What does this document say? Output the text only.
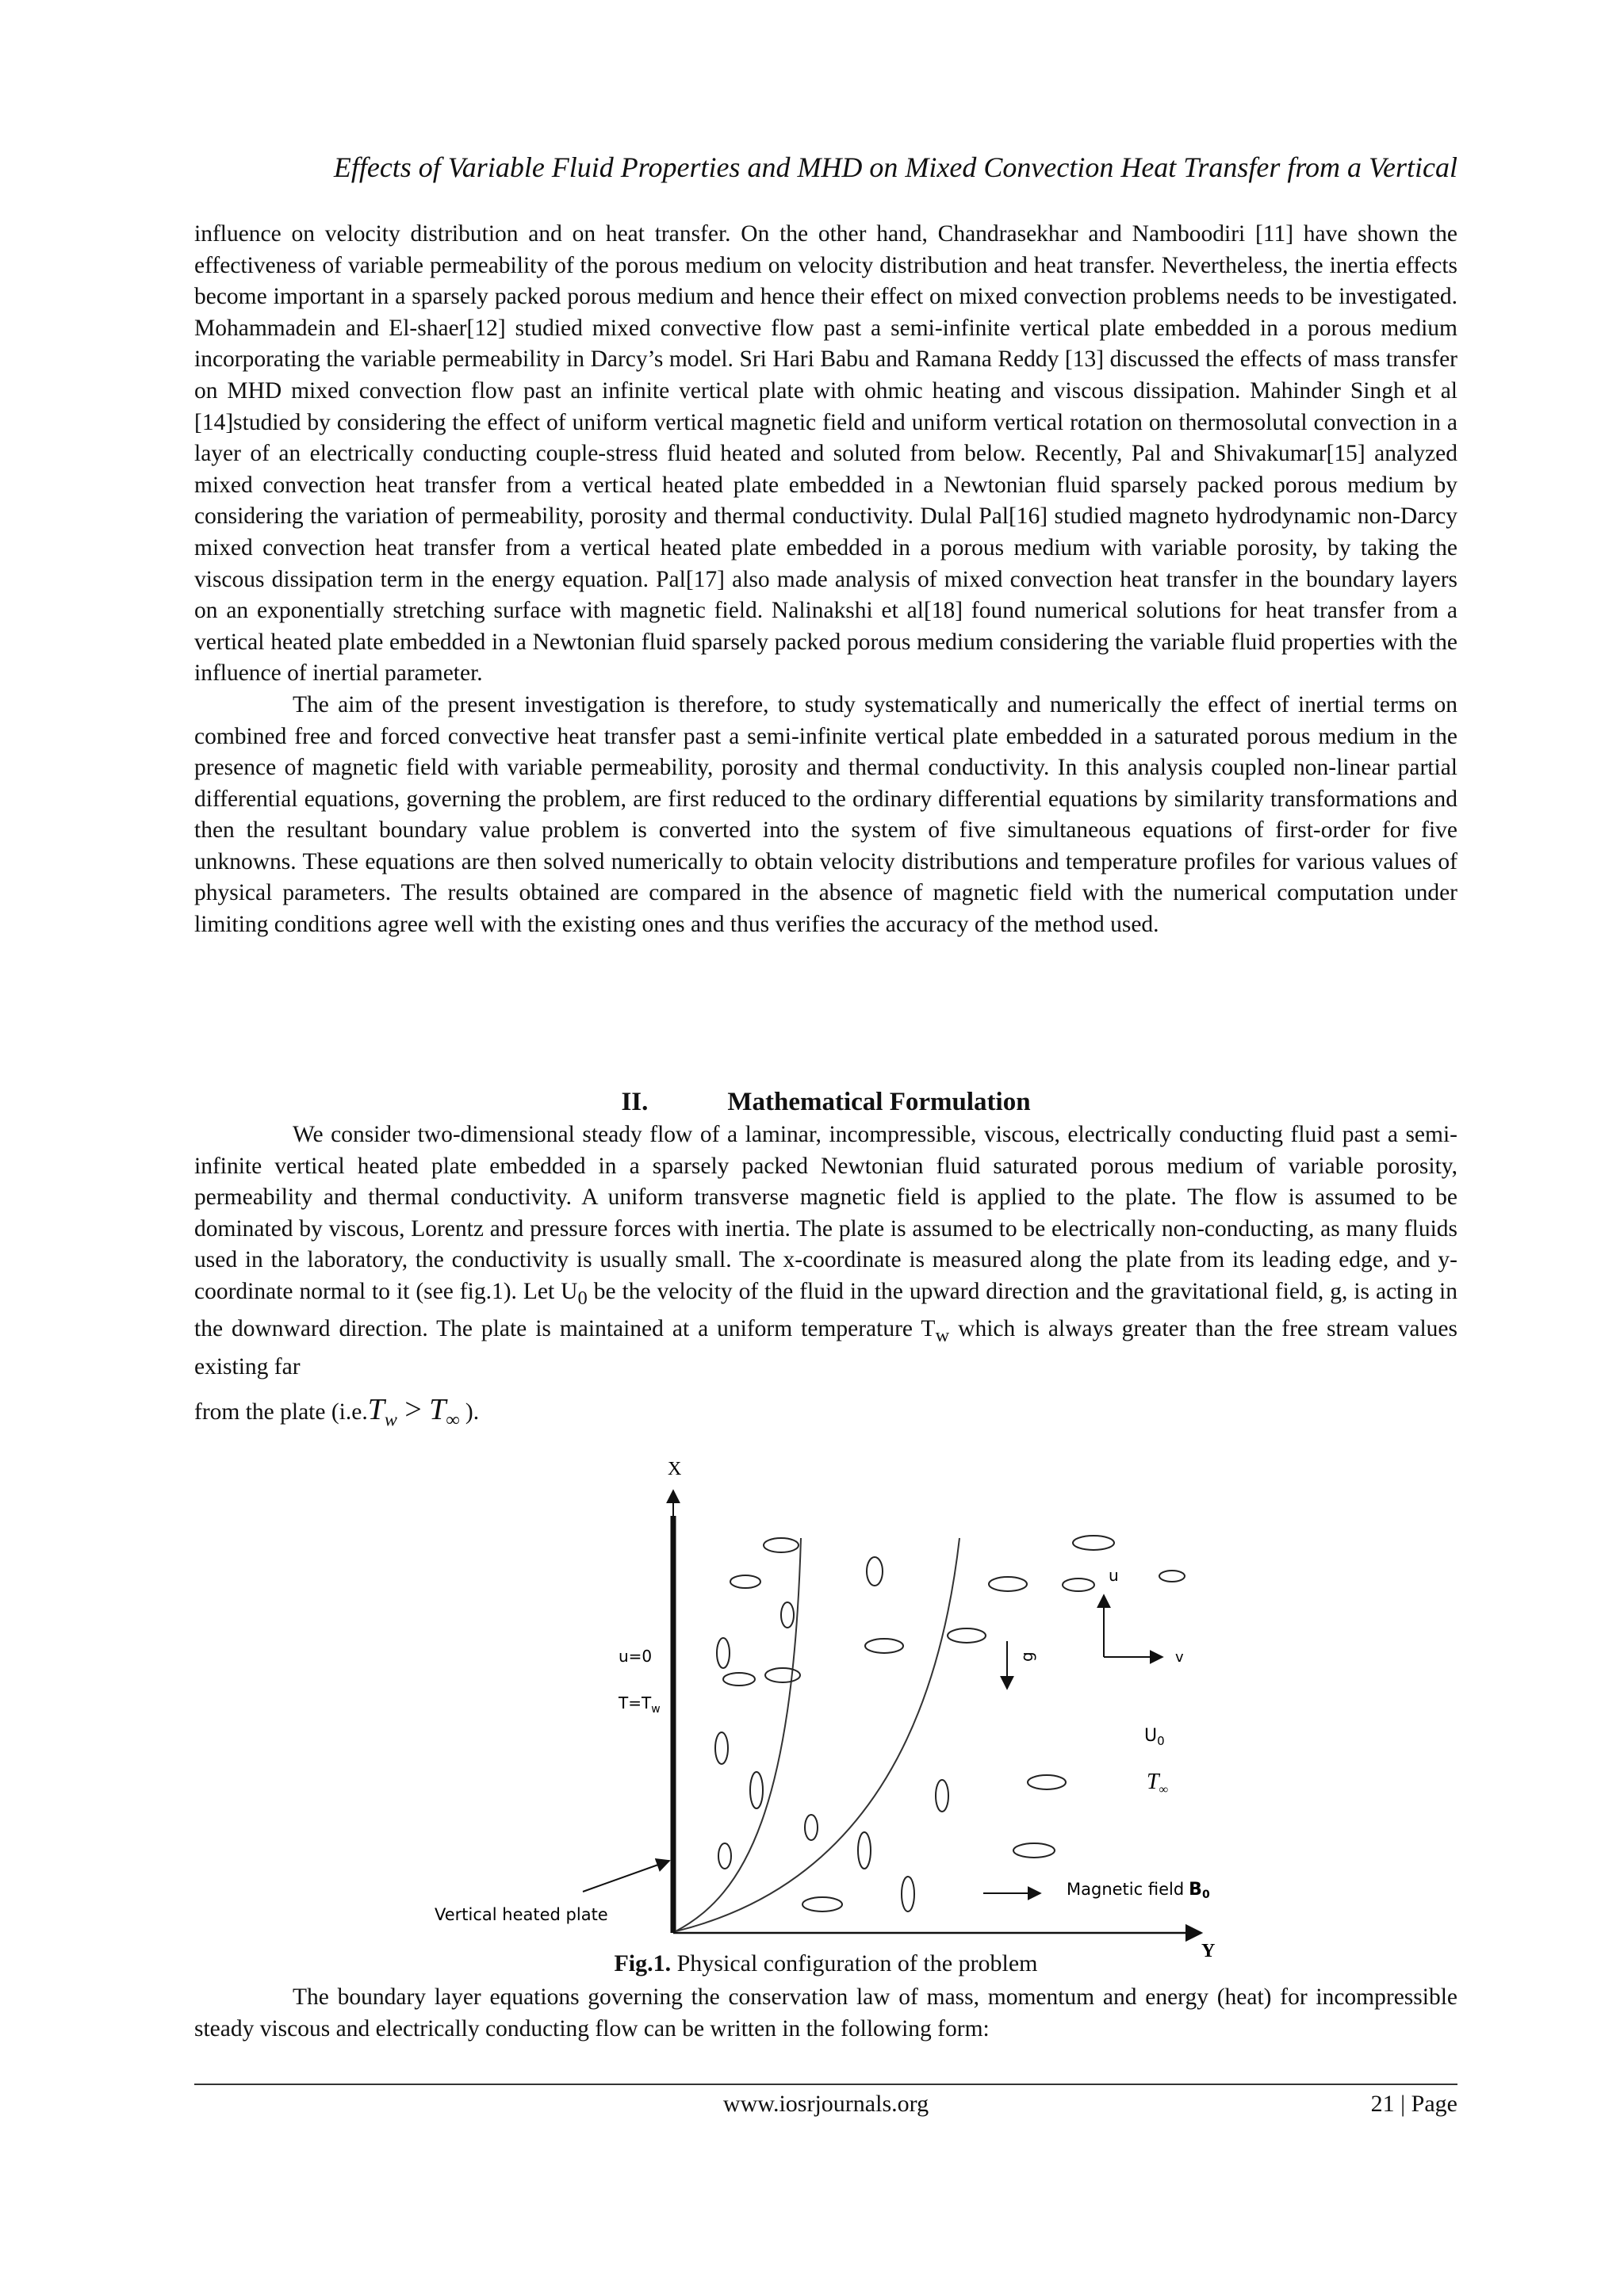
Effects of Variable Fluid Properties and MHD on Mixed Convection Heat Transfer from a Vertical

influence on velocity distribution and on heat transfer. On the other hand, Chandrasekhar and Namboodiri [11] have shown the effectiveness of variable permeability of the porous medium on velocity distribution and heat transfer. Nevertheless, the inertia effects become important in a sparsely packed porous medium and hence their effect on mixed convection problems needs to be investigated. Mohammadein and El-shaer[12] studied mixed convective flow past a semi-infinite vertical plate embedded in a porous medium incorporating the variable permeability in Darcy’s model. Sri Hari Babu and Ramana Reddy [13] discussed the effects of mass transfer on MHD mixed convection flow past an infinite vertical plate with ohmic heating and viscous dissipation. Mahinder Singh et al [14]studied by considering the effect of uniform vertical magnetic field and uniform vertical rotation on thermosolutal convection in a layer of an electrically conducting couple-stress fluid heated and soluted from below. Recently, Pal and Shivakumar[15] analyzed mixed convection heat transfer from a vertical heated plate embedded in a Newtonian fluid sparsely packed porous medium by considering the variation of permeability, porosity and thermal conductivity. Dulal Pal[16] studied magneto hydrodynamic non-Darcy mixed convection heat transfer from a vertical heated plate embedded in a porous medium with variable porosity, by taking the viscous dissipation term in the energy equation. Pal[17] also made analysis of mixed convection heat transfer in the boundary layers on an exponentially stretching surface with magnetic field. Nalinakshi et al[18] found numerical solutions for heat transfer from a vertical heated plate embedded in a Newtonian fluid sparsely packed porous medium considering the variable fluid properties with the influence of inertial parameter.

The aim of the present investigation is therefore, to study systematically and numerically the effect of inertial terms on combined free and forced convective heat transfer past a semi-infinite vertical plate embedded in a saturated porous medium in the presence of magnetic field with variable permeability, porosity and thermal conductivity. In this analysis coupled non-linear partial differential equations, governing the problem, are first reduced to the ordinary differential equations by similarity transformations and then the resultant boundary value problem is converted into the system of five simultaneous equations of first-order for five unknowns. These equations are then solved numerically to obtain velocity distributions and temperature profiles for various values of physical parameters. The results obtained are compared in the absence of magnetic field with the numerical computation under limiting conditions agree well with the existing ones and thus verifies the accuracy of the method used.

II.	Mathematical Formulation

We consider two-dimensional steady flow of a laminar, incompressible, viscous, electrically conducting fluid past a semi-infinite vertical heated plate embedded in a sparsely packed Newtonian fluid saturated porous medium of variable porosity, permeability and thermal conductivity. A uniform transverse magnetic field is applied to the plate. The flow is assumed to be dominated by viscous, Lorentz and pressure forces with inertia. The plate is assumed to be electrically non-conducting, as many fluids used in the laboratory, the conductivity is usually small. The x-coordinate is measured along the plate from its leading edge, and y-coordinate normal to it (see fig.1). Let $U_0$ be the velocity of the fluid in the upward direction and the gravitational field, g, is acting in the downward direction. The plate is maintained at a uniform temperature $T_w$ which is always greater than the free stream values existing far

from the plate ($i.e.T_w > T_\infty$ ).

X
Y
g
u
v
$U_0$
$T_\infty$
u=0
$T=T_w$
Magnetic field B0
Vertical heated plate
Fig.1. Physical configuration of the problem

The boundary layer equations governing the conservation law of mass, momentum and energy (heat) for incompressible steady viscous and electrically conducting flow can be written in the following form:

www.iosrjournals.org	21 | Page
